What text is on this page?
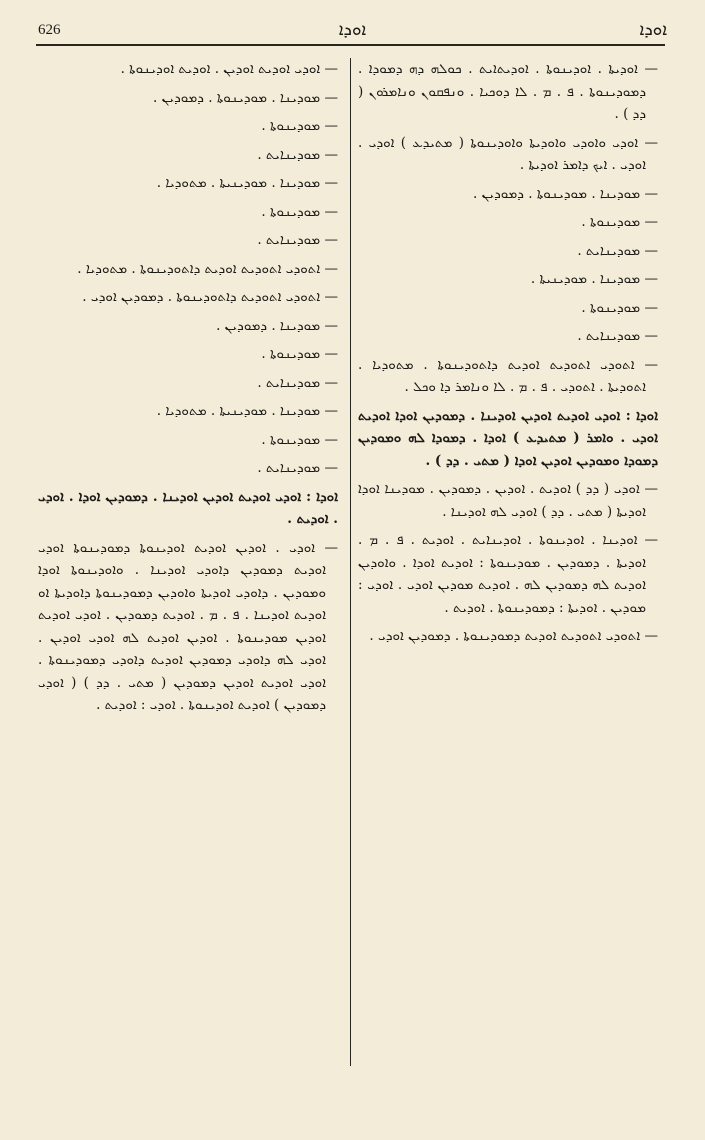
626	ܐܘܕܐ	ܐܘܕܐ

— ܐܘܕܝܬܐ . ܐܘܕܝܢܘܬܐ . ܐܘܕܝܬܐܝܬ . ܟܘܠܗ ܕܗ ܕܡܘܕܐ . ܕܡܘܕܝܢܘܬܐ . ܦ . ܡ . ܠܐ ܕܘܟܝܐ . ܘܢܦܩܘܢ ܘܢܐܡܪܘܢ ( ܕܕ ) .

— ܐܘܕܝ ܘܐܘܕܝ ܘܐܘܕܝܬܐ ܘܐܘܕܝܢܘܬܐ ( ܡܬܝܕܥ ) ܐܘܕܝ . ܐܘܕܝ . ܐܝܟ ܕܐܡܪ ܐܘܕܝܬܐ .

— ܡܘܕܝܢܐ . ܡܘܕܝܢܘܬܐ . ܕܡܘܕܝܢ .

— ܡܘܕܝܢܘܬܐ .

— ܡܘܕܝܢܐܝܬ .

— ܡܘܕܝܢܐ . ܡܘܕܝܢܝܬܐ .

— ܡܘܕܝܢܘܬܐ .

— ܡܘܕܝܢܐܝܬ .

— ܐܬܘܕܝ ܐܬܘܕܝܬ ܐܘܕܝܬ ܕܐܬܘܕܝܢܘܬܐ . ܡܬܘܕܝܐ . ܐܬܘܕܝܬܐ . ܐܬܘܕܝ . ܦ . ܡ . ܠܐ ܘܢܐܡܪ ܕܐ ܘܟܠ .

ܐܘܕܐ : ܐܘܕܝ ܐܘܕܝܬ ܐܘܕܝܢ ܐܘܕܝܢܐ . ܕܡܘܕܝܢ ܐܘܕܐ ܐܘܕܝܬ ܐܘܕܝ . ܘܐܡܪ ( ܡܬܝܕܥ ) ܐܘܕܐ . ܕܡܘܕܐ ܠܗ ܘܡܘܕܝܢ ܕܡܘܕܐ ܘܡܘܕܝܢ ܐܘܕܝܢ ܐܘܕܐ ( ܡܬܝ . ܕܕ ) .

— ܐܘܕܝ ( ܕܕ ) ܐܘܕܝܬ . ܐܘܕܝܢ . ܕܡܘܕܝܢ . ܡܘܕܝܢܐ ܐܘܕܐ ܐܘܕܝܬܐ ( ܡܬܝ . ܕܕ ) ܐܘܕܝ ܠܗ ܐܘܕܝܢܐ .

— ܐܘܕܝܢܐ . ܐܘܕܝܢܘܬܐ . ܐܘܕܝܢܐܝܬ . ܐܘܕܝܬ . ܦ . ܡ . ܐܘܕܝܬܐ . ܕܡܘܕܝܢ . ܡܘܕܝܢܘܬܐ : ܐܘܕܝܬ ܐܘܕܐ . ܘܐܘܕܝܢ ܐܘܕܝܬ ܠܗ ܕܡܘܕܝܢ ܠܗ . ܐܘܕܝܬ ܡܘܕܝܢ ܐܘܕܝ . ܐܘܕܝ : ܡܘܕܝܢ . ܐܘܕܝܬܐ : ܕܡܘܕܝܢܘܬܐ . ܐܘܕܝܬ .

— ܐܬܘܕܝ ܐܬܘܕܝܬ ܐܘܕܝܬ ܕܡܘܕܝܢܘܬܐ . ܕܡܘܕܝܢ ܐܘܕܝ .

— ܐܘܕܝ ܐܘܕܝܬ ܐܘܕܝܢ . ܐܘܕܝܬ ܐܘܕܝܢܘܬܐ .

— ܡܘܕܝܢܐ . ܡܘܕܝܢܘܬܐ . ܕܡܘܕܝܢ .

— ܡܘܕܝܢܘܬܐ .

— ܡܘܕܝܢܐܝܬ .

— ܡܘܕܝܢܐ . ܡܘܕܝܢܝܬܐ . ܡܬܘܕܝܐ .

— ܡܘܕܝܢܘܬܐ .

— ܡܘܕܝܢܐܝܬ .

— ܐܬܘܕܝ ܐܬܘܕܝܬ ܐܘܕܝܬ ܕܐܬܘܕܝܢܘܬܐ . ܡܬܘܕܝܐ .

— ܐܬܘܕܝ ܐܬܘܕܝܬ ܕܐܬܘܕܝܢܘܬܐ . ܕܡܘܕܝܢ ܐܘܕܝ .

— ܡܘܕܝܢܐ . ܕܡܘܕܝܢ .

— ܡܘܕܝܢܘܬܐ .

— ܡܘܕܝܢܐܝܬ .

— ܡܘܕܝܢܐ . ܡܘܕܝܢܝܬܐ . ܡܬܘܕܝܐ .

— ܡܘܕܝܢܘܬܐ .

— ܡܘܕܝܢܐܝܬ .

ܐܘܕܐ : ܐܘܕܝ ܐܘܕܝܬ ܐܘܕܝܢ ܐܘܕܝܢܐ . ܕܡܘܕܝܢ ܐܘܕܐ . ܐܘܕܝ . ܐܘܕܝܬ .

— ܐܘܕܝ . ܐܘܕܝܢ ܐܘܕܝܬ ܐܘܕܝܢܘܬܐ ܕܡܘܕܝܢܘܬܐ ܐܘܕܝ ܐܘܕܝܬ ܕܡܘܕܝܢ ܕܐܘܕܝ ܐܘܕܝܢܐ . ܘܐܘܕܝܢܘܬܐ ܐܘܕܐ ܘܡܘܕܝܢ . ܕܐܘܕܝ ܐܘܕܝܬܐ ܘܐܘܕܝܢ ܕܡܘܕܝܢܘܬܐ ܕܐܘܕܝܬܐ ܐܘ ܐܘܕܝܬ ܐܘܕܝܢܐ . ܦ . ܡ . ܐܘܕܝܬ ܕܡܘܕܝܢ . ܐܘܕܝ ܐܘܕܝܬ ܐܘܕܝܢ ܡܘܕܝܢܘܬܐ . ܐܘܕܝܢ ܐܘܕܝܬ ܠܗ ܐܘܕܝ ܐܘܕܝܢ . ܐܘܕܝ ܠܗ ܕܐܘܕܝ ܕܡܘܕܝܢ ܐܘܕܝܬ ܕܐܘܕܝ ܕܡܘܕܝܢܘܬܐ . ܐܘܕܝ ܐܘܕܝܬ ܐܘܕܝܢ ܕܡܘܕܝܢ ( ܡܬܝ . ܕܕ ) ( ܐܘܕܝ ܕܡܘܕܝܢ ) ܐܘܕܝܬ ܐܘܕܝܢܘܬܐ . ܐܘܕܝ : ܐܘܕܝܬ .
